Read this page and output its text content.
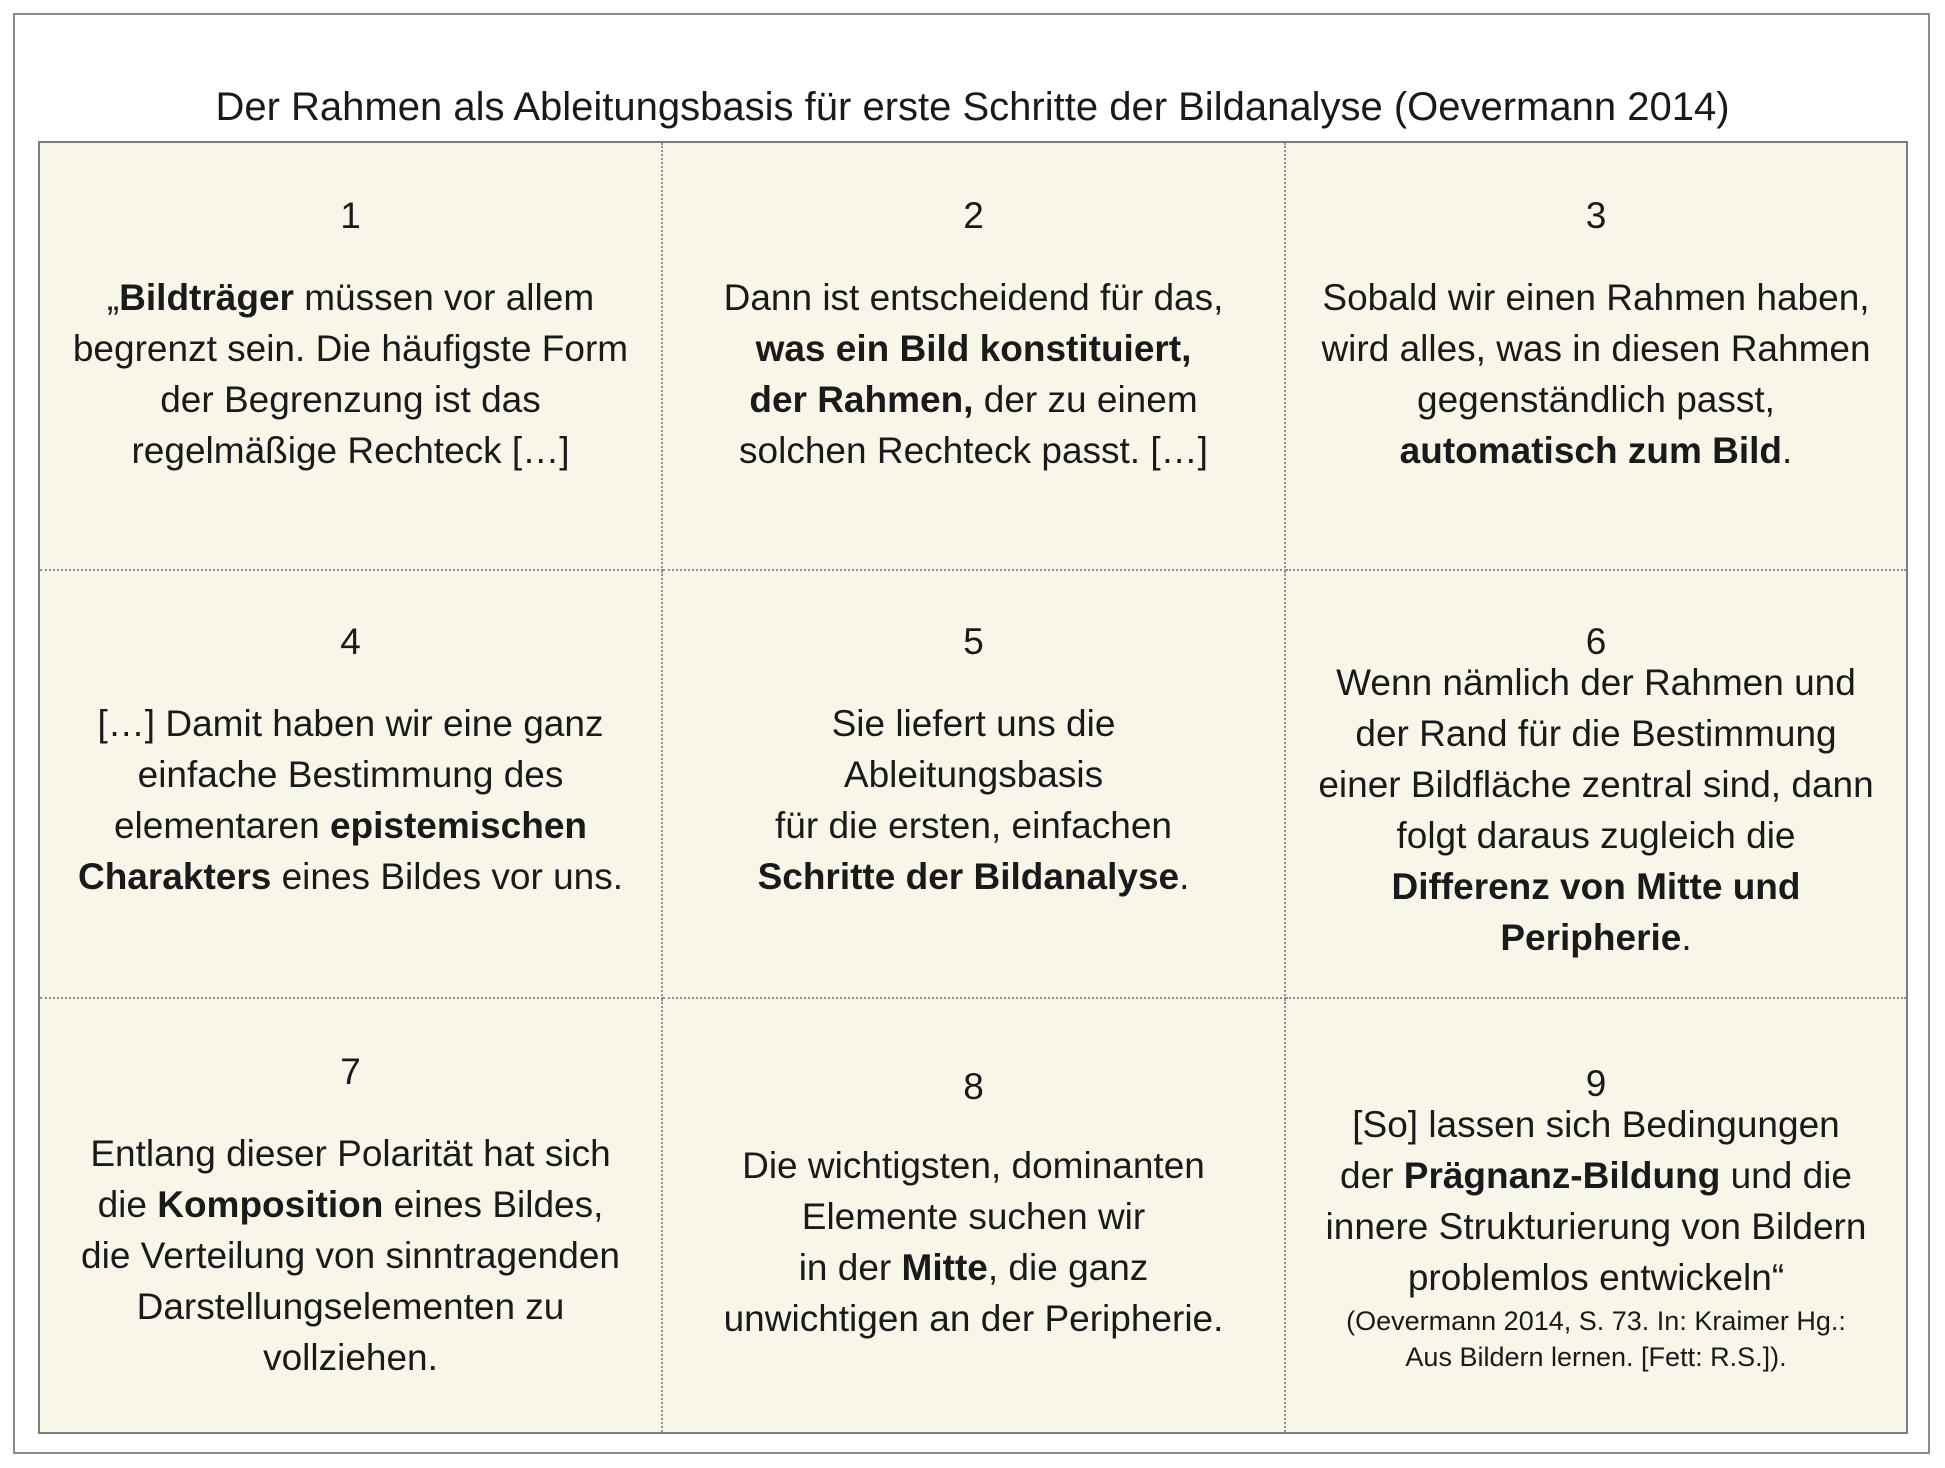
Der Rahmen als Ableitungsbasis für erste Schritte der Bildanalyse (Oevermann 2014)
1
„Bildträger müssen vor allem
begrenzt sein. Die häufigste Form
der Begrenzung ist das
regelmäßige Rechteck […]
2
Dann ist entscheidend für das,
was ein Bild konstituiert,
der Rahmen, der zu einem
solchen Rechteck passt. […]
3
Sobald wir einen Rahmen haben,
wird alles, was in diesen Rahmen
gegenständlich passt,
automatisch zum Bild.
4
[…] Damit haben wir eine ganz
einfache Bestimmung des
elementaren epistemischen
Charakters eines Bildes vor uns.
5
Sie liefert uns die
Ableitungsbasis
für die ersten, einfachen
Schritte der Bildanalyse.
6
Wenn nämlich der Rahmen und
der Rand für die Bestimmung
einer Bildfläche zentral sind, dann
folgt daraus zugleich die
Differenz von Mitte und
Peripherie.
7
Entlang dieser Polarität hat sich
die Komposition eines Bildes,
die Verteilung von sinntragenden
Darstellungselementen zu
vollziehen.
8
Die wichtigsten, dominanten
Elemente suchen wir
in der Mitte, die ganz
unwichtigen an der Peripherie.
9
[So] lassen sich Bedingungen
der Prägnanz-Bildung und die
innere Strukturierung von Bildern
problemlos entwickeln“
(Oevermann 2014, S. 73. In: Kraimer Hg.:
Aus Bildern lernen. [Fett: R.S.]).
